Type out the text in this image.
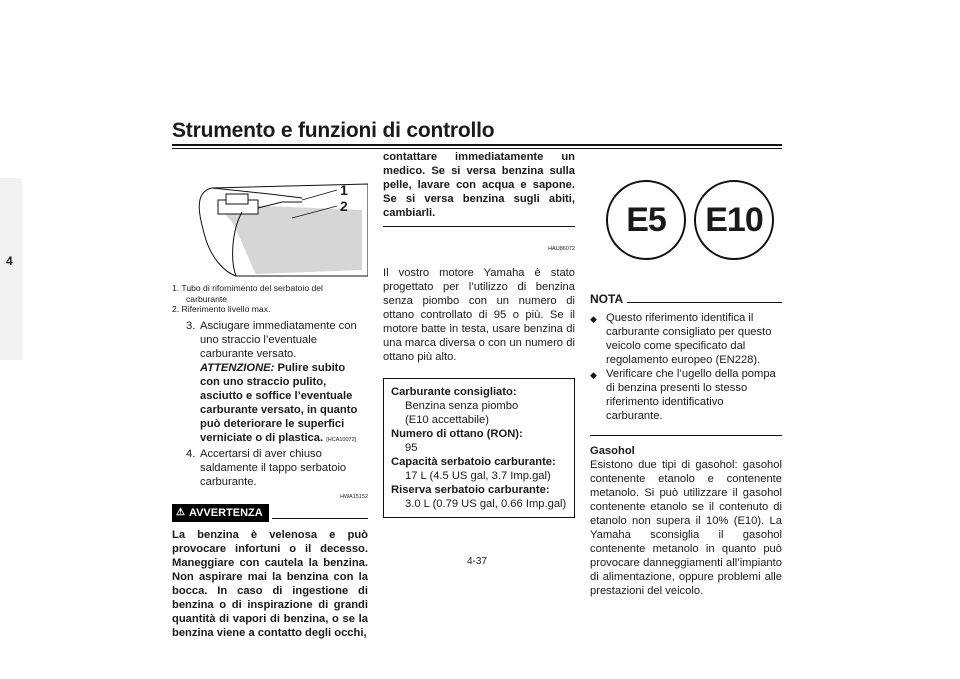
Strumento e funzioni di controllo
4
1
2
1. Tubo di rifornimento del serbatoio del
carburante
2. Riferimento livello max.
3. Asciugare immediatamente con uno straccio l’eventuale carburante versato. ATTENZIONE: Pulire subito con uno straccio pulito, asciutto e soffice l’eventuale carburante versato, in quanto può deteriorare le superfici verniciate o di plastica. [HCA10072]
4. Accertarsi di aver chiuso saldamente il tappo serbatoio carburante.
HWA15152
⚠ AVVERTENZA
La benzina è velenosa e può provocare infortuni o il decesso. Maneggiare con cautela la benzina. Non aspirare mai la benzina con la bocca. In caso di ingestione di benzina o di inspirazione di grandi quantità di vapori di benzina, o se la benzina viene a contatto degli occhi,
contattare immediatamente un medico. Se si versa benzina sulla pelle, lavare con acqua e sapone. Se si versa benzina sugli abiti, cambiarli.
HAU86072
Il vostro motore Yamaha è stato progettato per l’utilizzo di benzina senza piombo con un numero di ottano controllato di 95 o più. Se il motore batte in testa, usare benzina di una marca diversa o con un numero di ottano più alto.
Carburante consigliato:
Benzina senza piombo
(E10 accettabile)
Numero di ottano (RON):
95
Capacità serbatoio carburante:
17 L (4.5 US gal, 3.7 Imp.gal)
Riserva serbatoio carburante:
3.0 L (0.79 US gal, 0.66 Imp.gal)
E5	E10
NOTA
◆ Questo riferimento identifica il carburante consigliato per questo veicolo come specificato dal regolamento europeo (EN228).
◆ Verificare che l’ugello della pompa di benzina presenti lo stesso riferimento identificativo carburante.
Gasohol
Esistono due tipi di gasohol: gasohol contenente etanolo e contenente metanolo. Si può utilizzare il gasohol contenente etanolo se il contenuto di etanolo non supera il 10% (E10). La Yamaha sconsiglia il gasohol contenente metanolo in quanto può provocare danneggiamenti all’impianto di alimentazione, oppure problemi alle prestazioni del veicolo.
4-37
